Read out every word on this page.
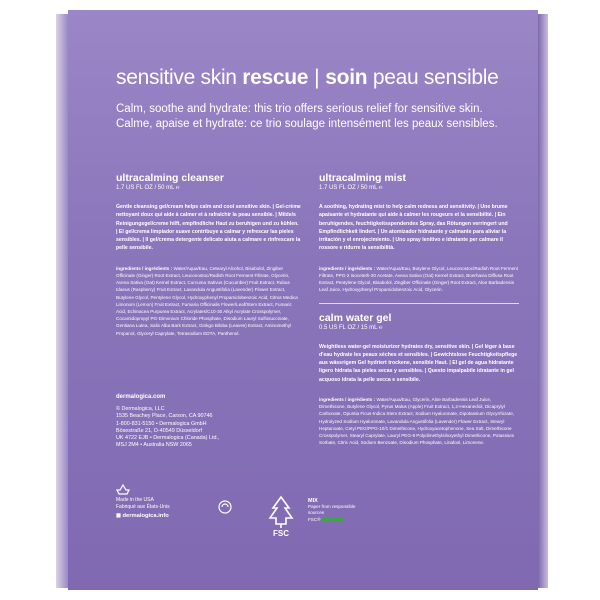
sensitive skin rescue | soin peau sensible
Calm, soothe and hydrate: this trio offers serious relief for sensitive skin.
Calme, apaise et hydrate: ce trio soulage intensément les peaux sensibles.
ultracalming cleanser
1.7 US FL OZ / 50 mL ℮
Gentle cleansing gel/cream helps calm and cool sensitive skin. | Gel-crème nettoyant doux qui aide à calmer et à rafraîchir la peau sensible. | Milde/s Reinigungsgel/creme hilft, empfindliche Haut zu beruhigen und zu kühlen. | El gel/crema limpiador suave contribuye a calmar y refrescar las pieles sensibles. | Il gel/crema detergente delicato aiuta a calmare e rinfrescare la pelle sensibile.
ingredients / ingrédients : Water/Aqua/Eau, Cetearyl Alcohol, Bisabolol, Zingiber Officinale (Ginger) Root Extract, Leuconostoc/Radish Root Ferment Filtrate, Glycerin, Avena Sativa (Oat) Kernel Extract, Curcuma Sativus (Cucumber) Fruit Extract, Rubus Idaeus (Raspberry) Fruit Extract, Lavandula Angustifolia (Lavender) Flower Extract, Butylene Glycol, Pentylene Glycol, Hydroxyphenyl Propamidobenzoic Acid, Citrus Medica Limonum (Lemon) Fruit Extract, Fumaria Officinalis Flower/Leaf/Stem Extract, Fumaric Acid, Echinacea Purpurea Extract, Acrylates/C10-30 Alkyl Acrylate Crosspolymer, Cocamidopropyl PG-Dimonium Chloride Phosphate, Disodium Lauryl Sulfosuccinate, Gentiana Lutea, Salix Alba Bark Extract, Ginkgo Biloba (Leaves) Extract, Aminomethyl Propanol, Glyceryl Caprylate, Tetrasodium EDTA, Panthenol.
ultracalming mist
1.7 US FL OZ / 50 mL ℮
A soothing, hydrating mist to help calm redness and sensitivity. | Une brume apaisante et hydratante qui aide à calmer les rougeurs et la sensibilité. | Ein beruhigendes, feuchtigkeitsspendendes Spray, das Rötungen verringert und Empfindlichkeit lindert. | Un atomizador hidratante y calmante para aliviar la irritación y el enrojecimiento. | Uno spray lenitivo e idratante per calmare il rossore e ridurre la sensibilità.
ingredients / ingrédients : Water/Aqua/Eau, Butylene Glycol, Leuconostoc/Radish Root Ferment Filtrate, PPG-2 Isoceteth-20 Acetate, Avena Sativa (Oat) Kernel Extract, Boerhavia Diffusa Root Extract, Pentylene Glycol, Bisabolol, Zingiber Officinale (Ginger) Root Extract, Aloe Barbadensis Leaf Juice, Hydroxyphenyl Propamidobenzoic Acid, Glycerin.
calm water gel
0.5 US FL OZ / 15 mL ℮
Weightless water-gel moisturizer hydrates dry, sensitive skin. | Gel léger à base d'eau hydrate les peaux sèches et sensibles. | Gewichtslose Feuchtigkeitspflege aus wässrigem Gel hydriert trockene, sensible Haut. | El gel de agua hidratante ligero hidrata las pieles secas y sensibles. | Questo impalpabile idratante in gel acquoso idrata la pelle secca e sensibile.
ingredients / ingrédients : Water/Aqua/Eau, Glycerin, Aloe Barbadensis Leaf Juice, Dimethicone, Butylene Glycol, Pyrus Malus (Apple) Fruit Extract, 1,2-Hexanediol, Dicaprylyl Carbonate, Opuntia Ficus-Indica Stem Extract, Sodium Hyaluronate, Dipotassium Glycyrrhizate, Hydrolyzed Sodium Hyaluronate, Lavandula Angustifolia (Lavender) Flower Extract, Stearyl Heptanoate, Cetyl PEG/PPG-10/1 Dimethicone, Hydroxyacetophenone, Sea Salt, Dimethicone Crosspolymer, Stearyl Caprylate, Lauryl PEG-9 Polydimethylsiloxyethyl Dimethicone, Potassium Sorbate, Citric Acid, Sodium Benzoate, Disodium Phosphate, Linalool, Limonene.
dermalogica.com
© Dermalogica, LLC
1535 Beachey Place, Carson, CA 90746
1-800-831-5150 • Dermalogica GmbH
Bösestraße 21, D-40549 Düsseldorf
UK 4722 EJB • Dermalogica (Canada) Ltd.,
MSJ 2M4 • Australia NSW 2065
Made in the USA
Fabriqué aux États-Unis
◼ dermalogica.info
FSC
MIX
Paper from responsible sources
FSC®
